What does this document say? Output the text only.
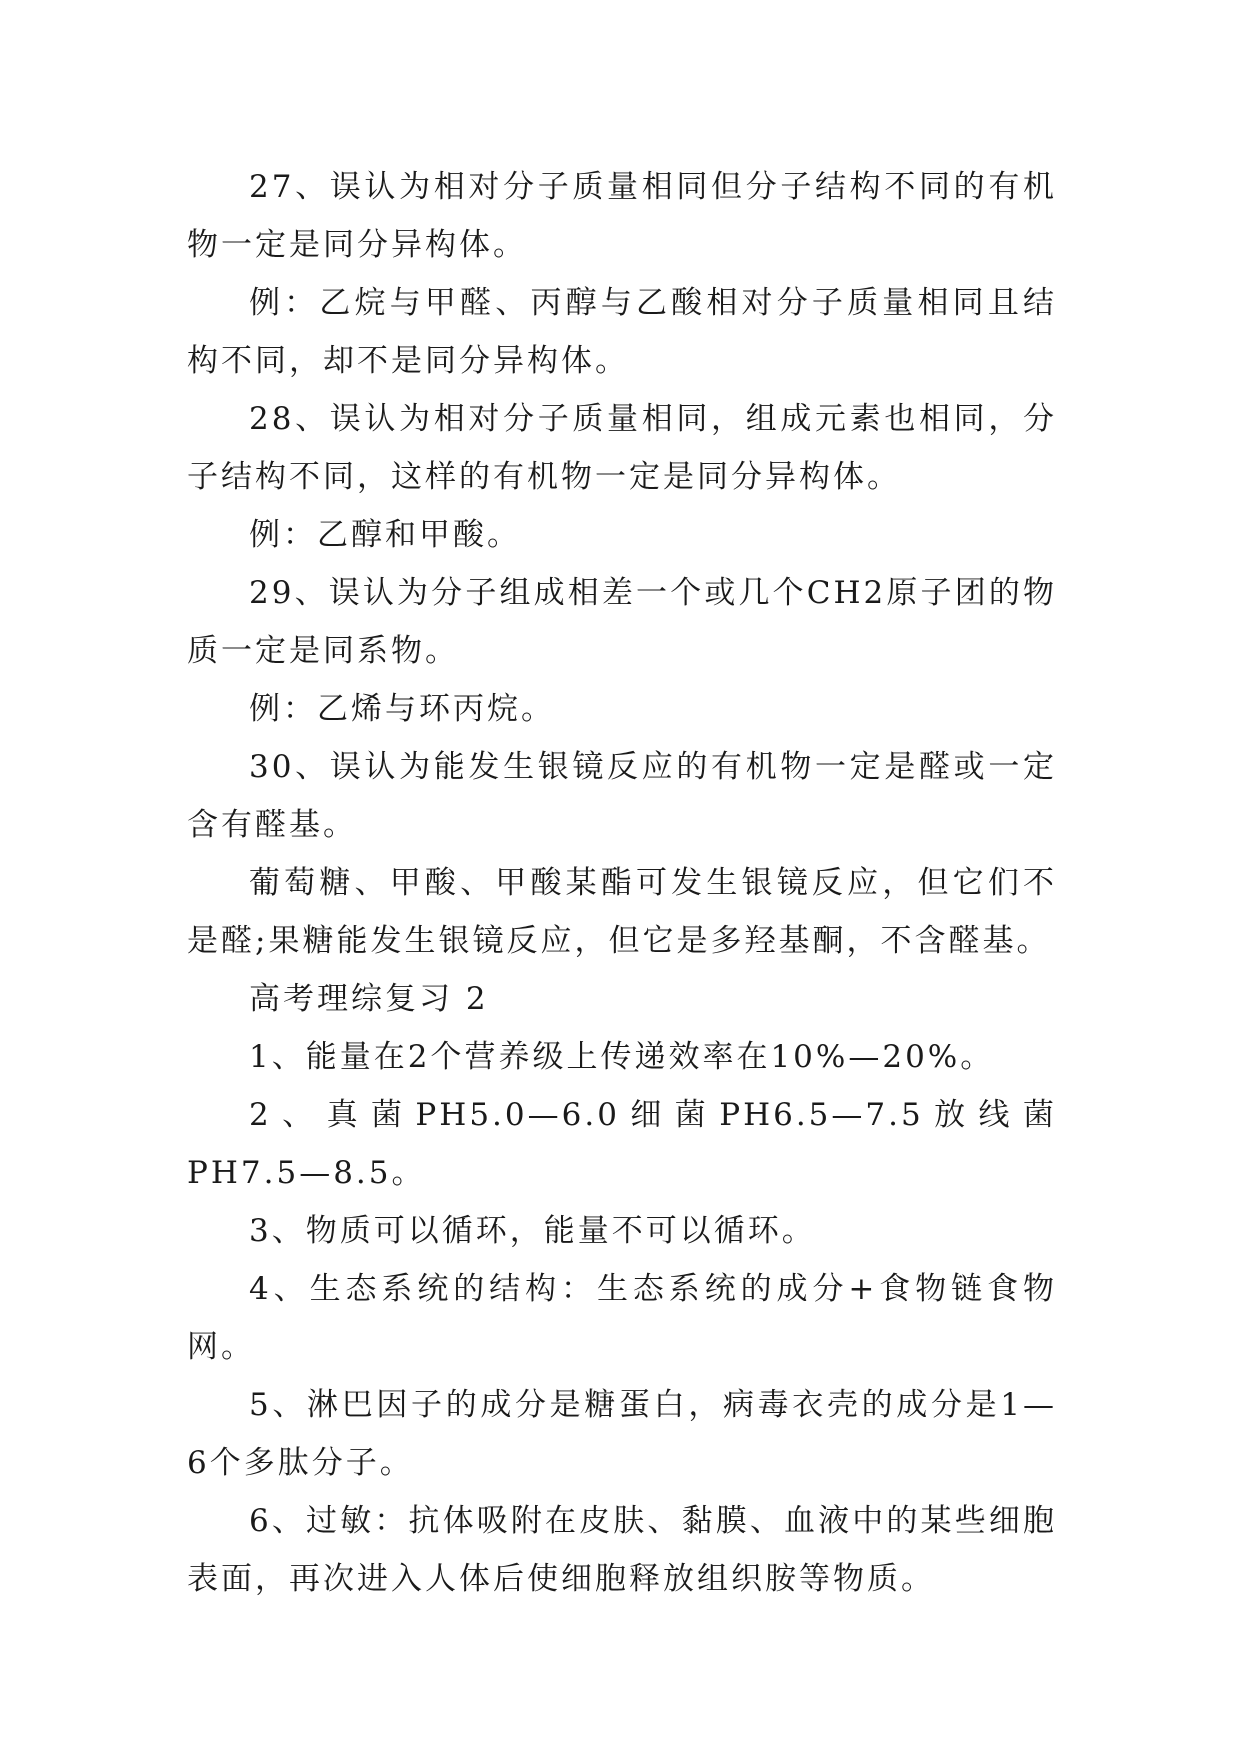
27、误认为相对分子质量相同但分子结构不同的有机物一定是同分异构体。

例：乙烷与甲醛、丙醇与乙酸相对分子质量相同且结构不同，却不是同分异构体。

28、误认为相对分子质量相同，组成元素也相同，分子结构不同，这样的有机物一定是同分异构体。

例：乙醇和甲酸。

29、误认为分子组成相差一个或几个CH2原子团的物质一定是同系物。

例：乙烯与环丙烷。

30、误认为能发生银镜反应的有机物一定是醛或一定含有醛基。

葡萄糖、甲酸、甲酸某酯可发生银镜反应，但它们不是醛;果糖能发生银镜反应，但它是多羟基酮，不含醛基。

高考理综复习 2

1、能量在2个营养级上传递效率在10%—20%。

2、真菌PH5.0—6.0细菌PH6.5—7.5放线菌PH7.5—8.5。

3、物质可以循环，能量不可以循环。

4、生态系统的结构：生态系统的成分+食物链食物网。

5、淋巴因子的成分是糖蛋白，病毒衣壳的成分是1—6个多肽分子。

6、过敏：抗体吸附在皮肤、黏膜、血液中的某些细胞表面，再次进入人体后使细胞释放组织胺等物质。
